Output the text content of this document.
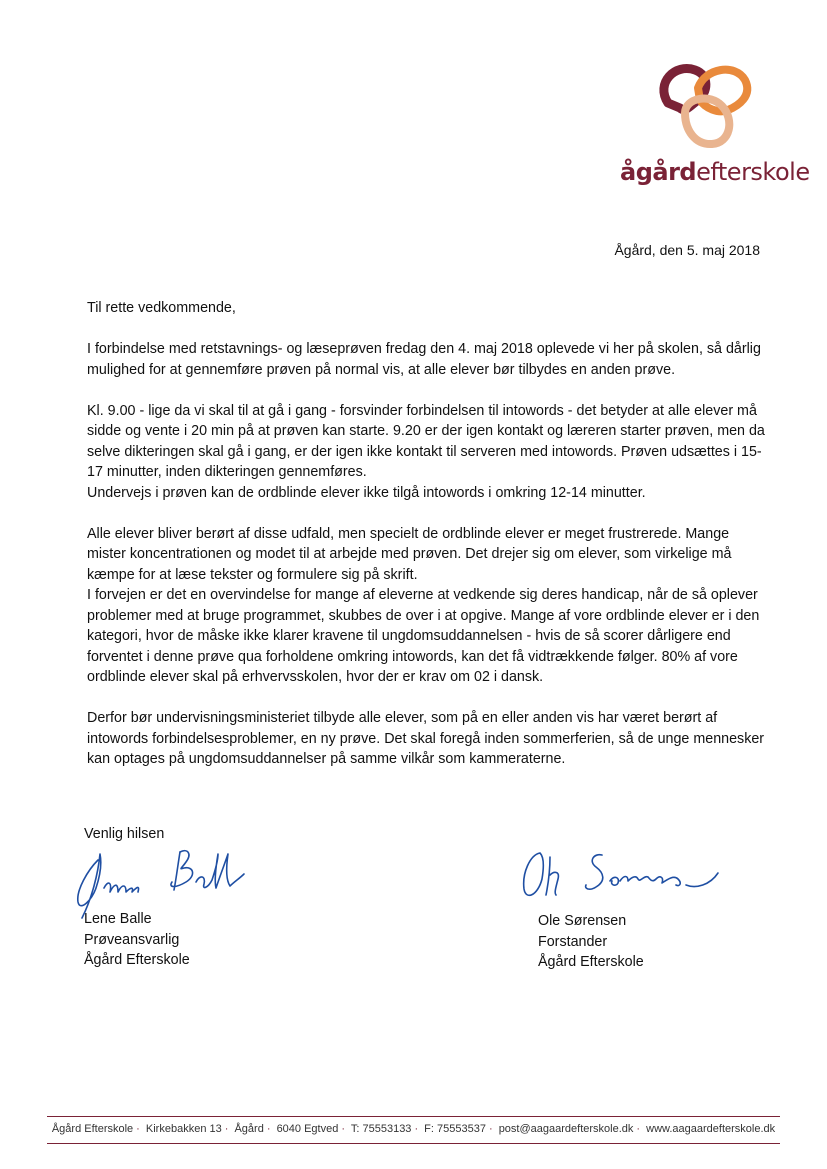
ågårdefterskole
Ågård, den 5. maj 2018

Til rette vedkommende,

I forbindelse med retstavnings- og læseprøven fredag den 4. maj 2018 oplevede vi her på skolen, så dårlig mulighed for at gennemføre prøven på normal vis, at alle elever bør tilbydes en anden prøve.

Kl. 9.00 - lige da vi skal til at gå i gang - forsvinder forbindelsen til intowords - det betyder at alle elever må sidde og vente i 20 min på at prøven kan starte. 9.20 er der igen kontakt og læreren starter prøven, men da selve dikteringen skal gå i gang, er der igen ikke kontakt til serveren med intowords. Prøven udsættes i 15-17 minutter, inden dikteringen gennemføres.

Undervejs i prøven kan de ordblinde elever ikke tilgå intowords i omkring 12-14 minutter.

Alle elever bliver berørt af disse udfald, men specielt de ordblinde elever er meget frustrerede. Mange mister koncentrationen og modet til at arbejde med prøven. Det drejer sig om elever, som virkelige må kæmpe for at læse tekster og formulere sig på skrift.

I forvejen er det en overvindelse for mange af eleverne at vedkende sig deres handicap, når de så oplever problemer med at bruge programmet, skubbes de over i at opgive. Mange af vore ordblinde elever er i den kategori, hvor de måske ikke klarer kravene til ungdomsuddannelsen - hvis de så scorer dårligere end forventet i denne prøve qua forholdene omkring intowords, kan det få vidtrækkende følger. 80% af vore ordblinde elever skal på erhvervsskolen, hvor der er krav om 02 i dansk.

Derfor bør undervisningsministeriet tilbyde alle elever, som på en eller anden vis har været berørt af intowords forbindelsesproblemer, en ny prøve. Det skal foregå inden sommerferien, så de unge mennesker kan optages på ungdomsuddannelser på samme vilkår som kammeraterne.

Venlig hilsen
Lene Balle
Prøveansvarlig
Ågård Efterskole
Ole Sørensen
Forstander
Ågård Efterskole
Ågård Efterskole · Kirkebakken 13 · Ågård · 6040 Egtved · T: 75553133 · F: 75553537 · post@aagaardefterskole.dk · www.aagaardefterskole.dk
